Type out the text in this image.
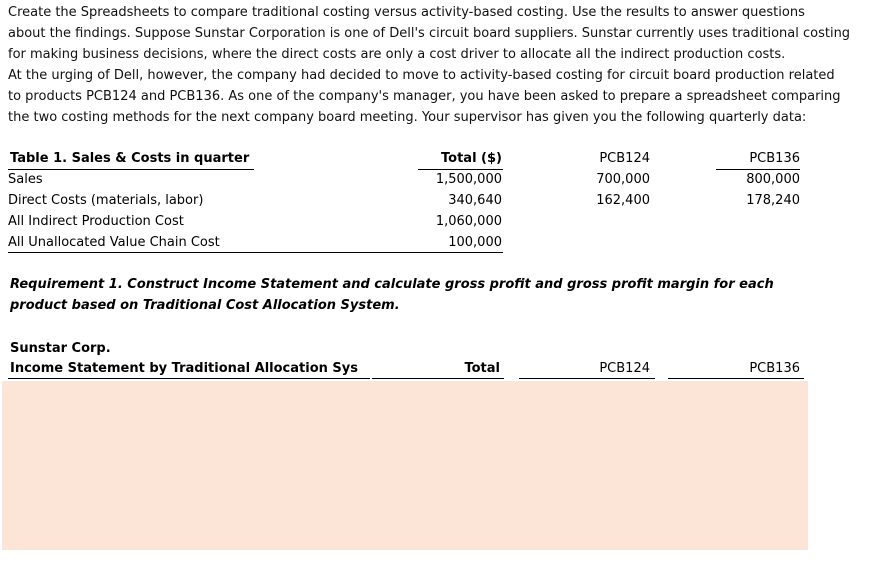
Create the Spreadsheets to compare traditional costing versus activity-based costing. Use the results to answer questions

about the findings. Suppose Sunstar Corporation is one of Dell's circuit board suppliers. Sunstar currently uses traditional costing

for making business decisions, where the direct costs are only a cost driver to allocate all the indirect production costs.

At the urging of Dell, however, the company had decided to move to activity-based costing for circuit board production related

to products PCB124 and PCB136. As one of the company's manager, you have been asked to prepare a spreadsheet comparing

the two costing methods for the next company board meeting. Your supervisor has given you the following quarterly data:

Table 1. Sales & Costs in quarter	Total ($)	PCB124	PCB136
Sales	1,500,000	700,000	800,000
Direct Costs (materials, labor)	340,640	162,400	178,240
All Indirect Production Cost	1,060,000
All Unallocated Value Chain Cost	100,000
Requirement 1. Construct Income Statement and calculate gross profit and gross profit margin for each
product based on Traditional Cost Allocation System.
Sunstar Corp.
Income Statement by Traditional Allocation Sys	Total	PCB124	PCB136
